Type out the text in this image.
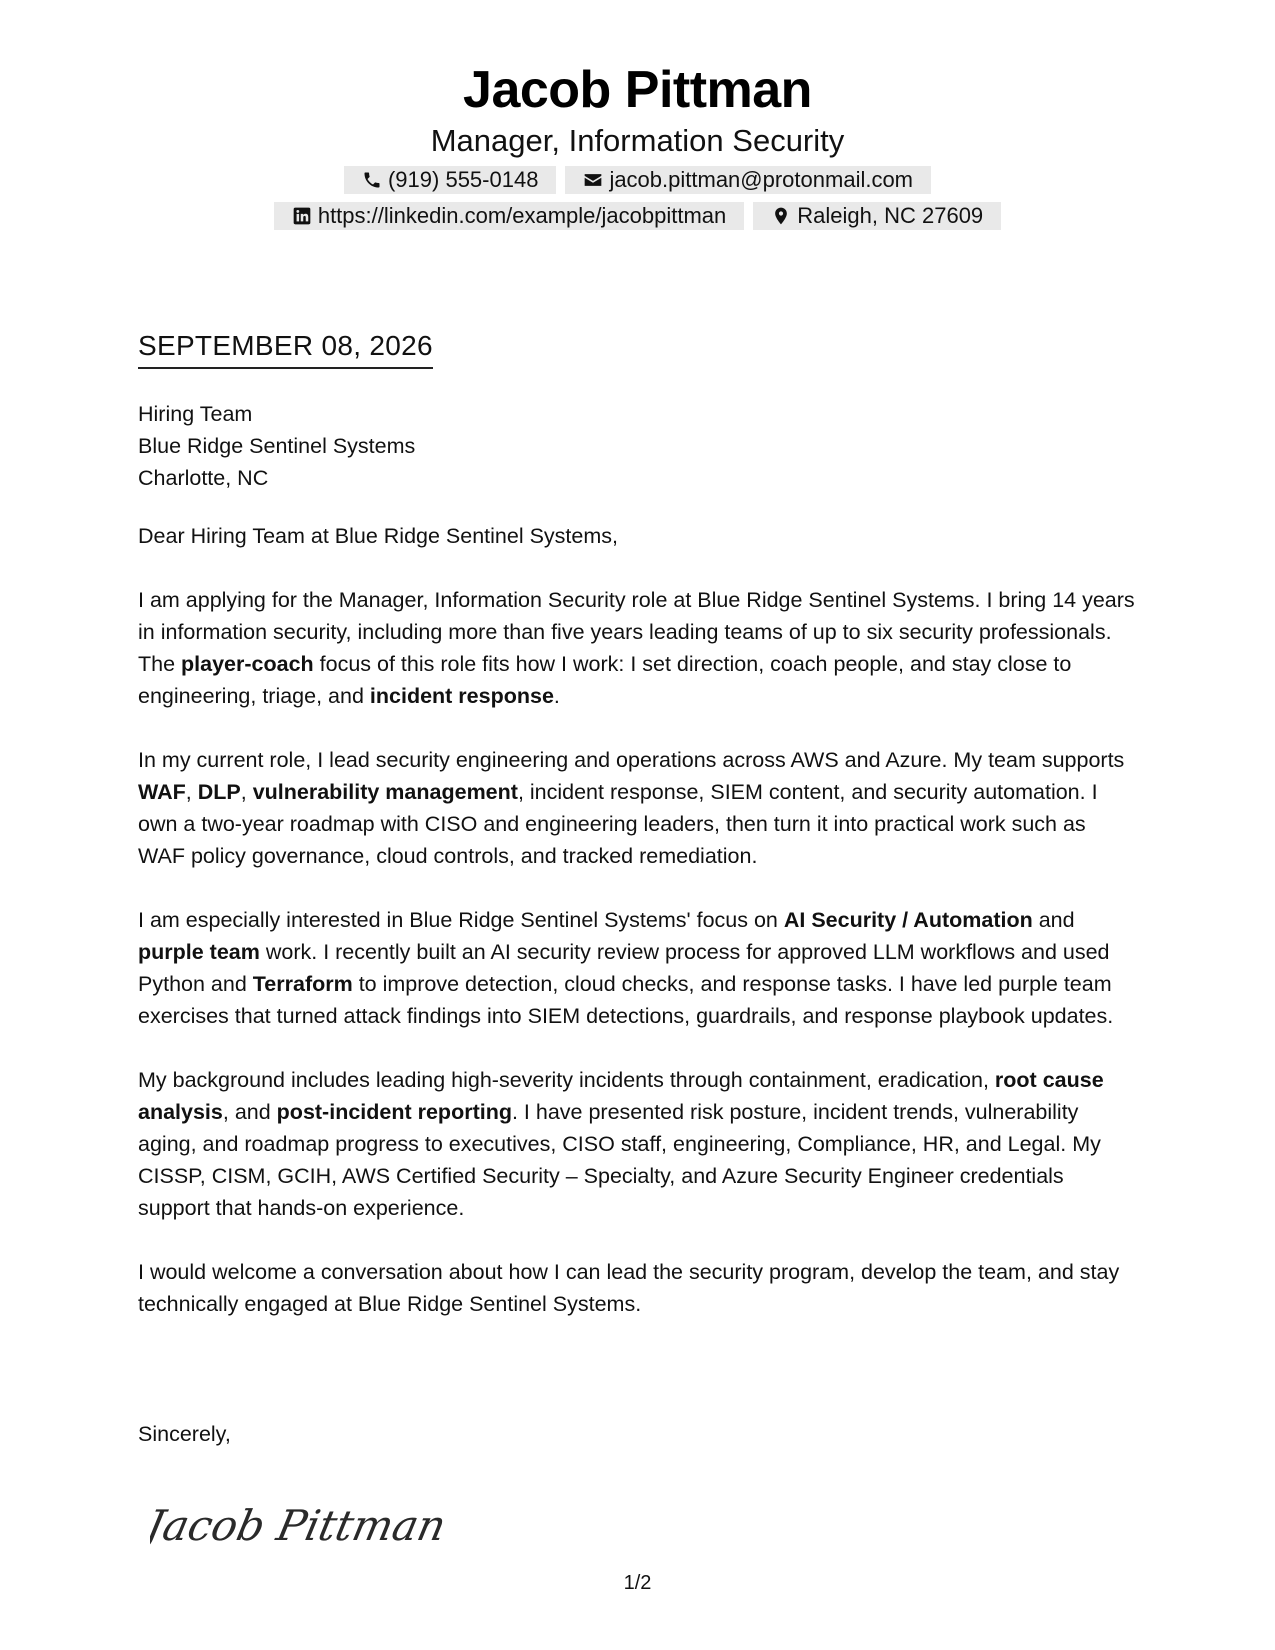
Jacob Pittman
Manager, Information Security
(919) 555-0148	jacob.pittman@protonmail.com
https://linkedin.com/example/jacobpittman	Raleigh, NC 27609
SEPTEMBER 08, 2026
Hiring Team
Blue Ridge Sentinel Systems
Charlotte, NC
Dear Hiring Team at Blue Ridge Sentinel Systems,
I am applying for the Manager, Information Security role at Blue Ridge Sentinel Systems. I bring 14 years in information security, including more than five years leading teams of up to six security professionals. The player-coach focus of this role fits how I work: I set direction, coach people, and stay close to engineering, triage, and incident response.
In my current role, I lead security engineering and operations across AWS and Azure. My team supports WAF, DLP, vulnerability management, incident response, SIEM content, and security automation. I own a two-year roadmap with CISO and engineering leaders, then turn it into practical work such as WAF policy governance, cloud controls, and tracked remediation.
I am especially interested in Blue Ridge Sentinel Systems' focus on AI Security / Automation and purple team work. I recently built an AI security review process for approved LLM workflows and used Python and Terraform to improve detection, cloud checks, and response tasks. I have led purple team exercises that turned attack findings into SIEM detections, guardrails, and response playbook updates.
My background includes leading high-severity incidents through containment, eradication, root cause analysis, and post-incident reporting. I have presented risk posture, incident trends, vulnerability aging, and roadmap progress to executives, CISO staff, engineering, Compliance, HR, and Legal. My CISSP, CISM, GCIH, AWS Certified Security – Specialty, and Azure Security Engineer credentials support that hands-on experience.
I would welcome a conversation about how I can lead the security program, develop the team, and stay technically engaged at Blue Ridge Sentinel Systems.
Sincerely,
Jacob Pittman
1/2
